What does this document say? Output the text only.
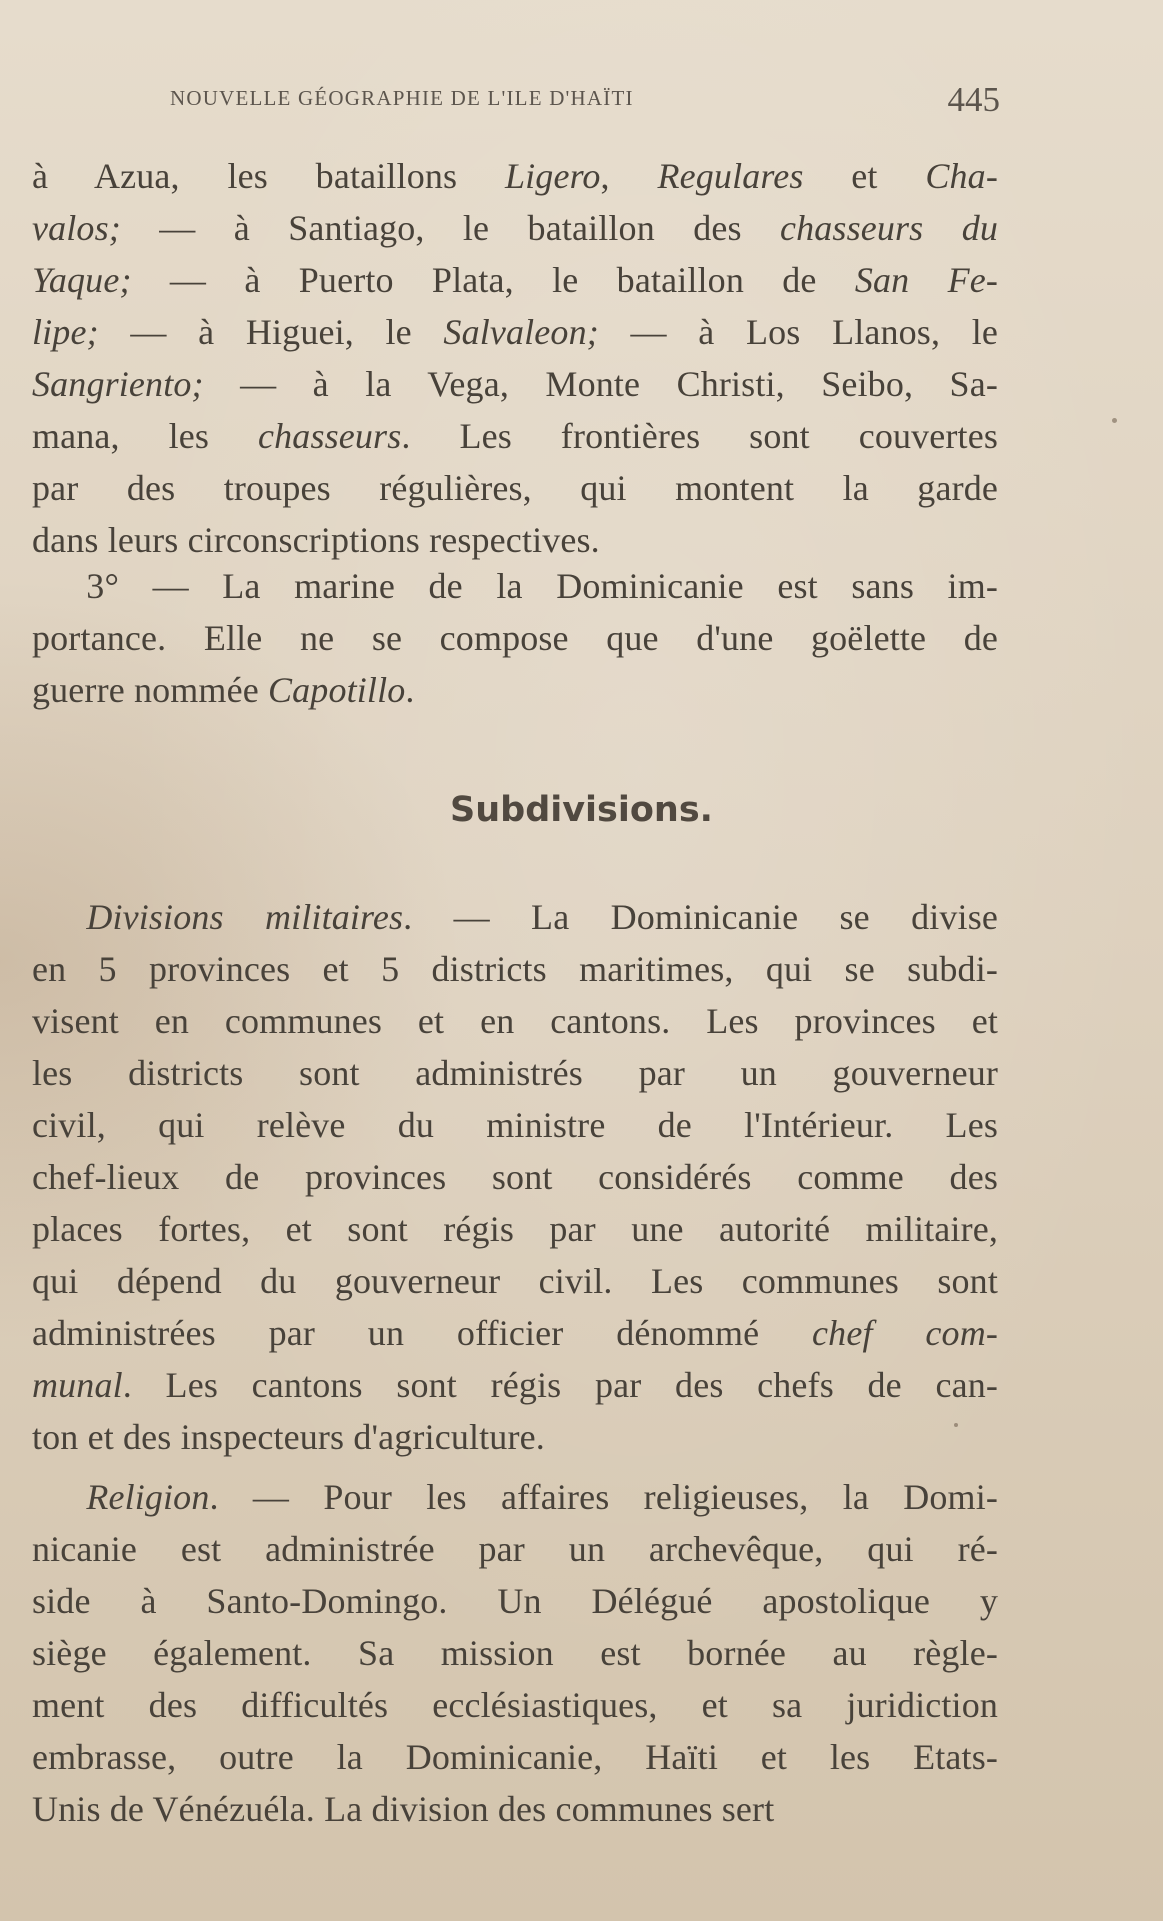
NOUVELLE GÉOGRAPHIE DE L'ILE D'HAÏTI	445
à Azua, les bataillons Ligero, Regulares et Cha-
valos; — à Santiago, le bataillon des chasseurs du
Yaque; — à Puerto Plata, le bataillon de San Fe-
lipe; — à Higuei, le Salvaleon; — à Los Llanos, le
Sangriento; — à la Vega, Monte Christi, Seibo, Sa-
mana, les chasseurs. Les frontières sont couvertes
par des troupes régulières, qui montent la garde
dans leurs circonscriptions respectives.
  3° — La marine de la Dominicanie est sans im-
portance. Elle ne se compose que d'une goëlette de
guerre nommée Capotillo.
Subdivisions.
  Divisions militaires. — La Dominicanie se divise
en 5 provinces et 5 districts maritimes, qui se subdi-
visent en communes et en cantons. Les provinces et
les districts sont administrés par un gouverneur
civil, qui relève du ministre de l'Intérieur. Les
chef-lieux de provinces sont considérés comme des
places fortes, et sont régis par une autorité militaire,
qui dépend du gouverneur civil. Les communes sont
administrées par un officier dénommé chef com-
munal. Les cantons sont régis par des chefs de can-
ton et des inspecteurs d'agriculture.
  Religion. — Pour les affaires religieuses, la Domi-
nicanie est administrée par un archevêque, qui ré-
side à Santo-Domingo. Un Délégué apostolique y
siège également. Sa mission est bornée au règle-
ment des difficultés ecclésiastiques, et sa juridiction
embrasse, outre la Dominicanie, Haïti et les Etats-
Unis de Vénézuéla. La division des communes sert
